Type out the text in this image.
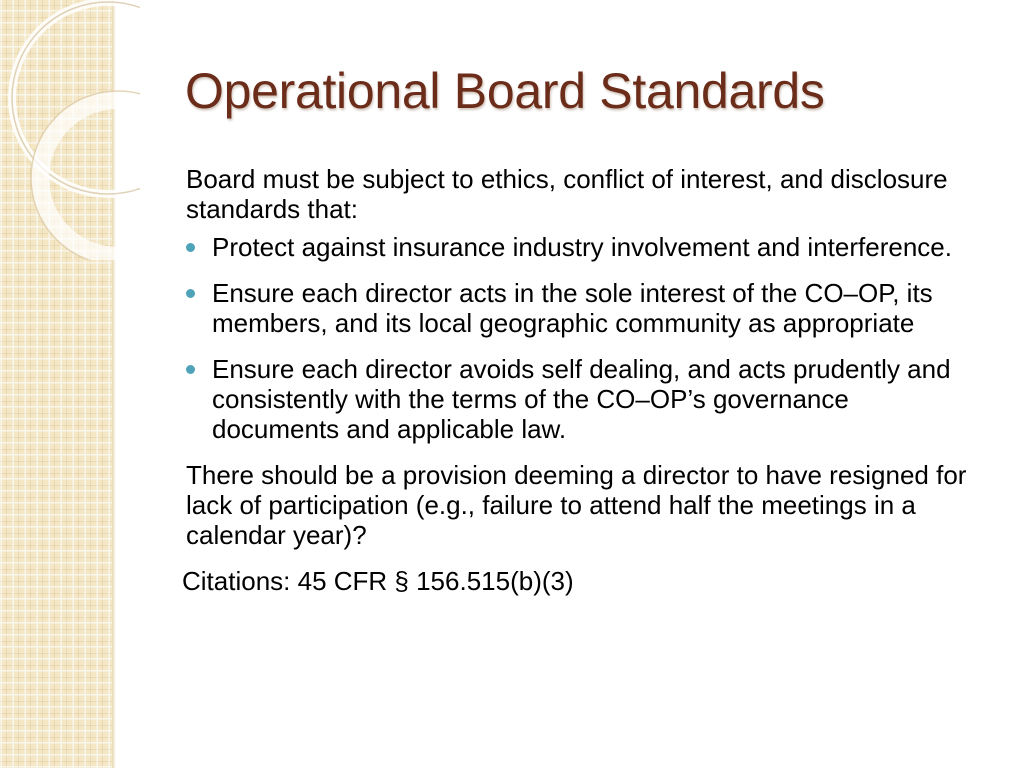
Operational Board Standards

Board must be subject to ethics, conflict of interest, and disclosure standards that:

Protect against insurance industry involvement and interference.
Ensure each director acts in the sole interest of the CO–OP, its members, and its local geographic community as appropriate
Ensure each director avoids self dealing, and acts prudently and consistently with the terms of the CO–OP’s governance documents and applicable law.

There should be a provision deeming a director to have resigned for lack of participation (e.g., failure to attend half the meetings in a calendar year)?

Citations: 45 CFR § 156.515(b)(3)
